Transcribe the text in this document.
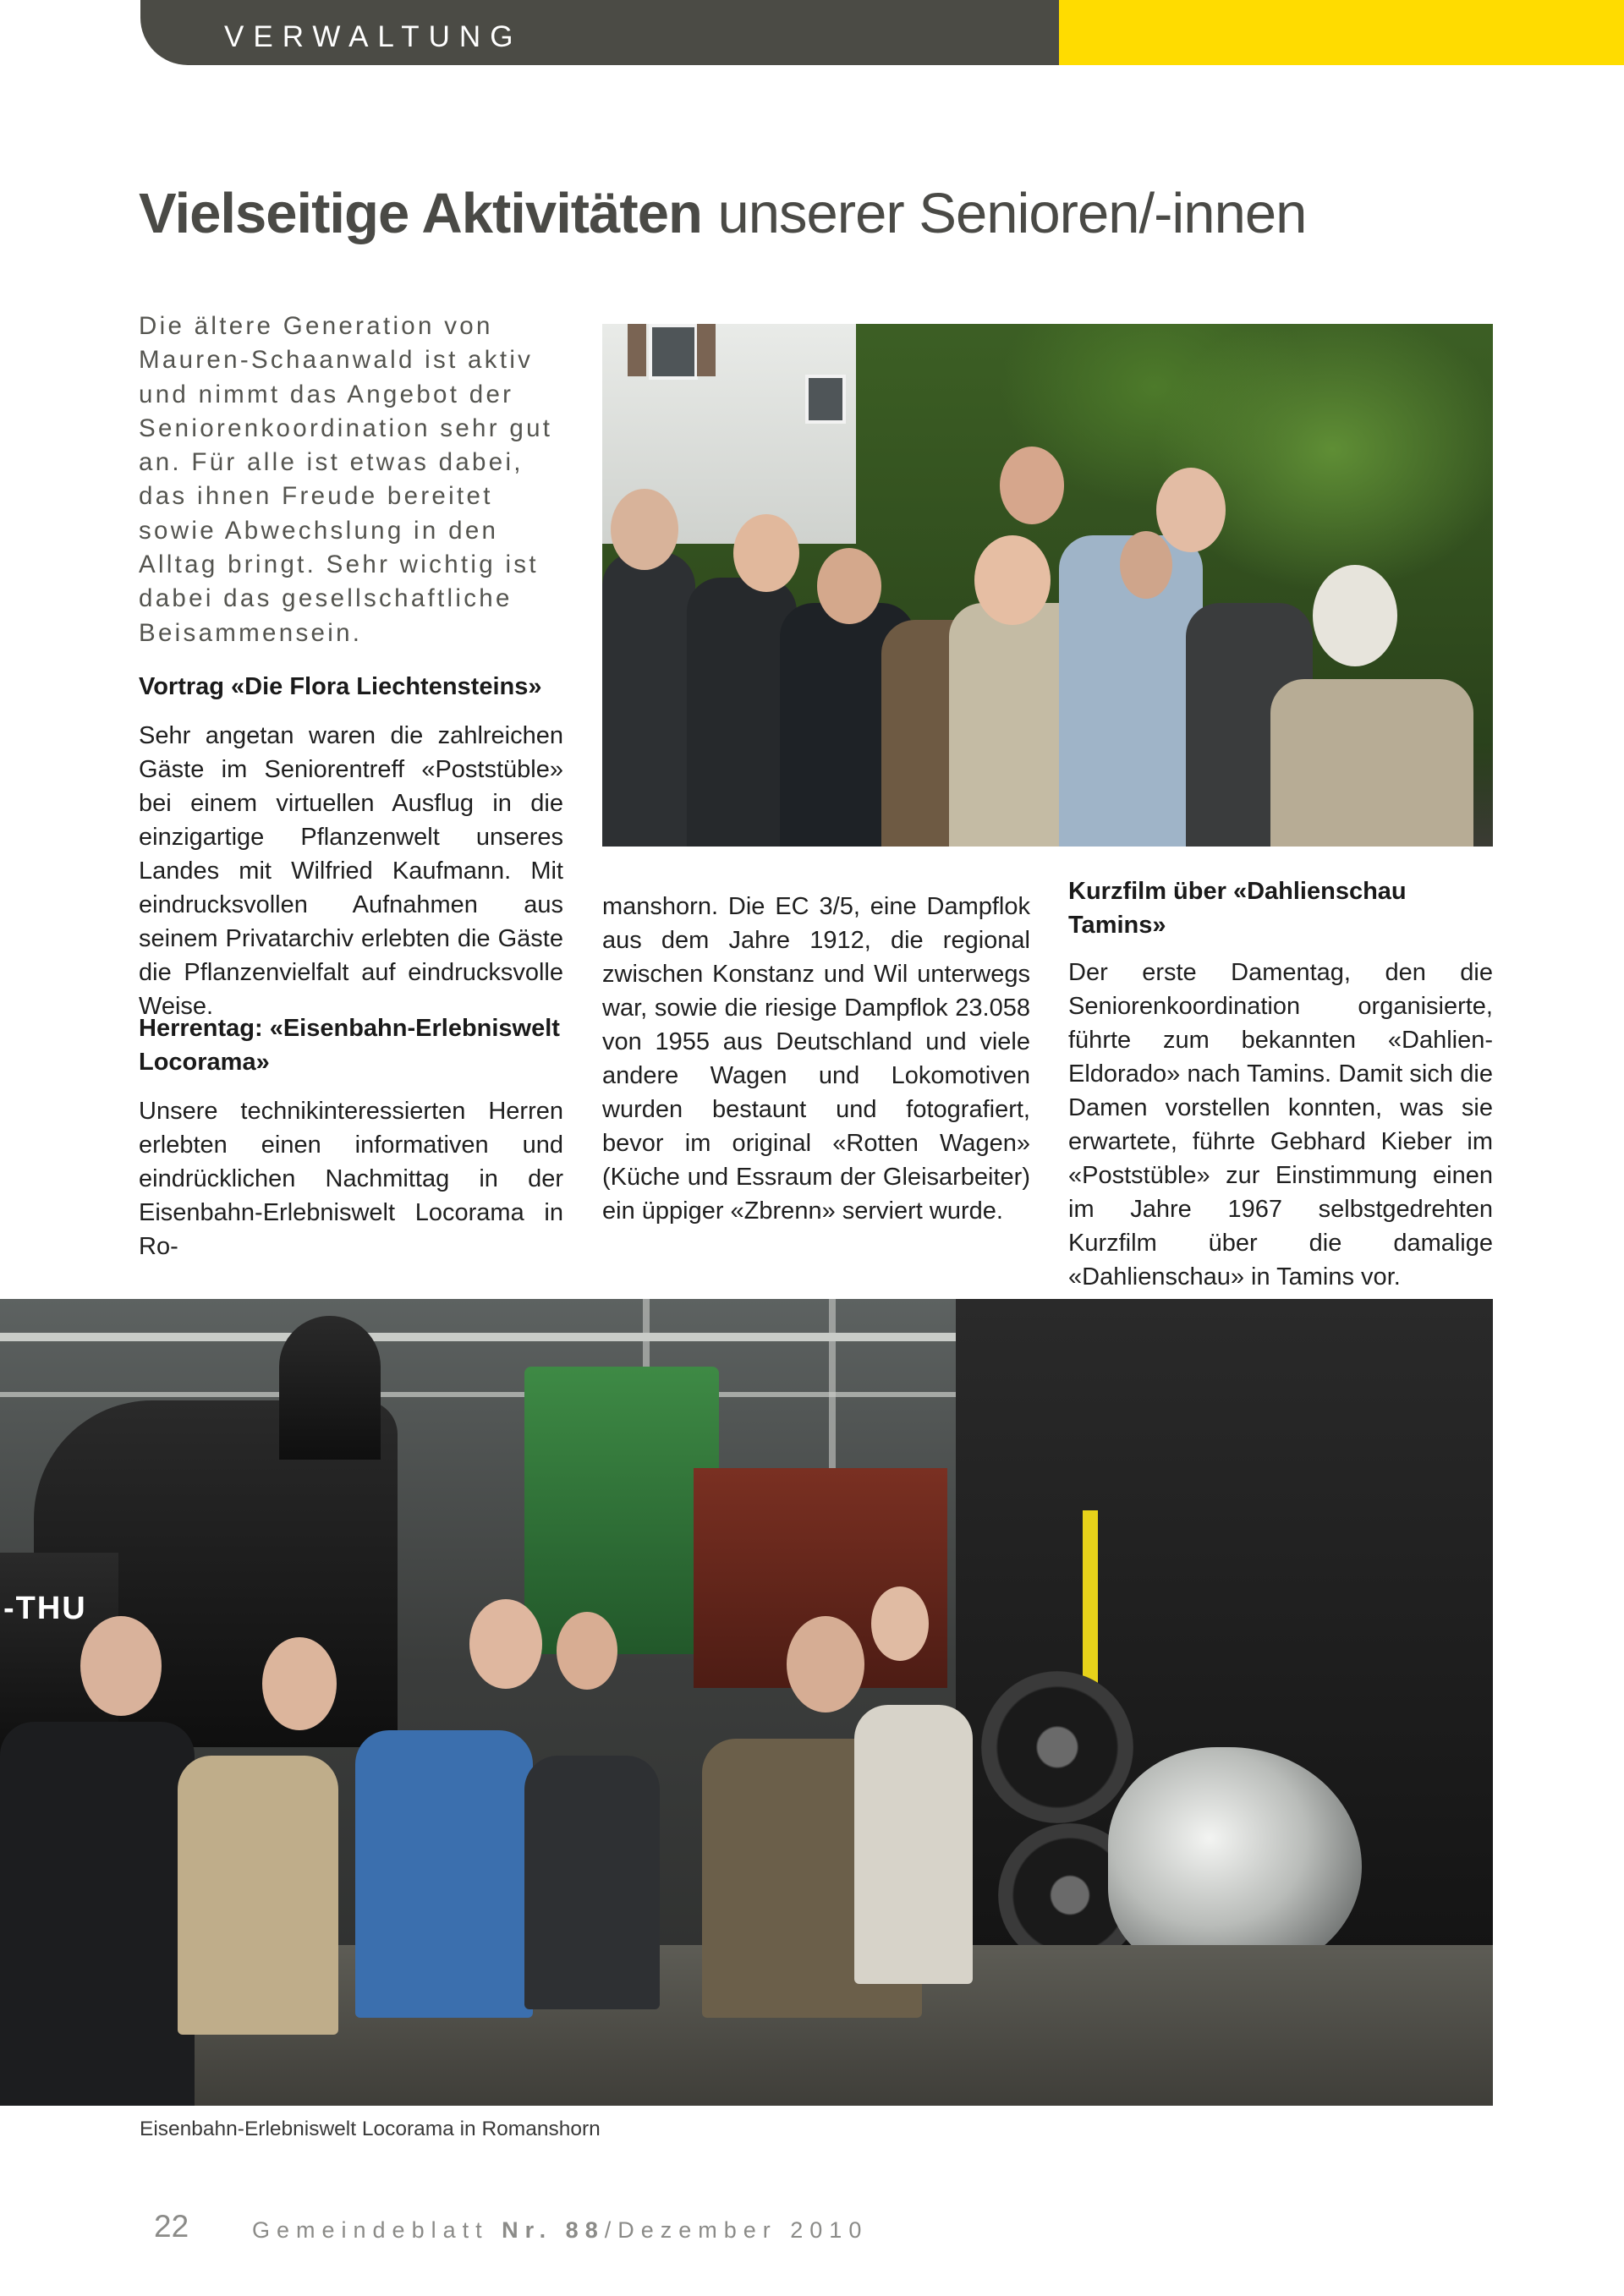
VERWALTUNG
Vielseitige Aktivitäten unserer Senioren/-innen

Die ältere Generation von Mauren-Schaanwald ist aktiv und nimmt das Angebot der Seniorenkoordination sehr gut an. Für alle ist etwas dabei, das ihnen Freude bereitet sowie Abwechslung in den Alltag bringt. Sehr wichtig ist dabei das gesellschaftliche Beisammensein.

Vortrag «Die Flora Liechtensteins»

Sehr angetan waren die zahlreichen Gäste im Seniorentreff «Poststüble» bei einem virtuellen Ausflug in die einzigartige Pflanzenwelt unseres Landes mit Wilfried Kaufmann. Mit eindrucksvollen Aufnahmen aus seinem Privatarchiv erlebten die Gäste die Pflanzenvielfalt auf eindrucksvolle Weise.

Herrentag: «Eisenbahn-Erlebniswelt Locorama»

Unsere technikinteressierten Herren erlebten einen informativen und eindrücklichen Nachmittag in der Eisenbahn-Erlebniswelt Locorama in Ro-

manshorn. Die EC 3/5, eine Dampflok aus dem Jahre 1912, die regional zwischen Konstanz und Wil unterwegs war, sowie die riesige Dampflok 23.058 von 1955 aus Deutschland und viele andere Wagen und Lokomotiven wurden bestaunt und fotografiert, bevor im original «Rotten Wagen» (Küche und Essraum der Gleisarbeiter) ein üppiger «Zbrenn» serviert wurde.

Kurzfilm über «Dahlienschau Tamins»

Der erste Damentag, den die Seniorenkoordination organisierte, führte zum bekannten «Dahlien-Eldorado» nach Tamins. Damit sich die Damen vorstellen konnten, was sie erwartete, führte Gebhard Kieber im «Poststüble» zur Einstimmung einen im Jahre 1967 selbstgedrehten Kurzfilm über die damalige «Dahlienschau» in Tamins vor.

-THU
Eisenbahn-Erlebniswelt Locorama in Romanshorn
22	Gemeindeblatt Nr. 88/Dezember 2010
